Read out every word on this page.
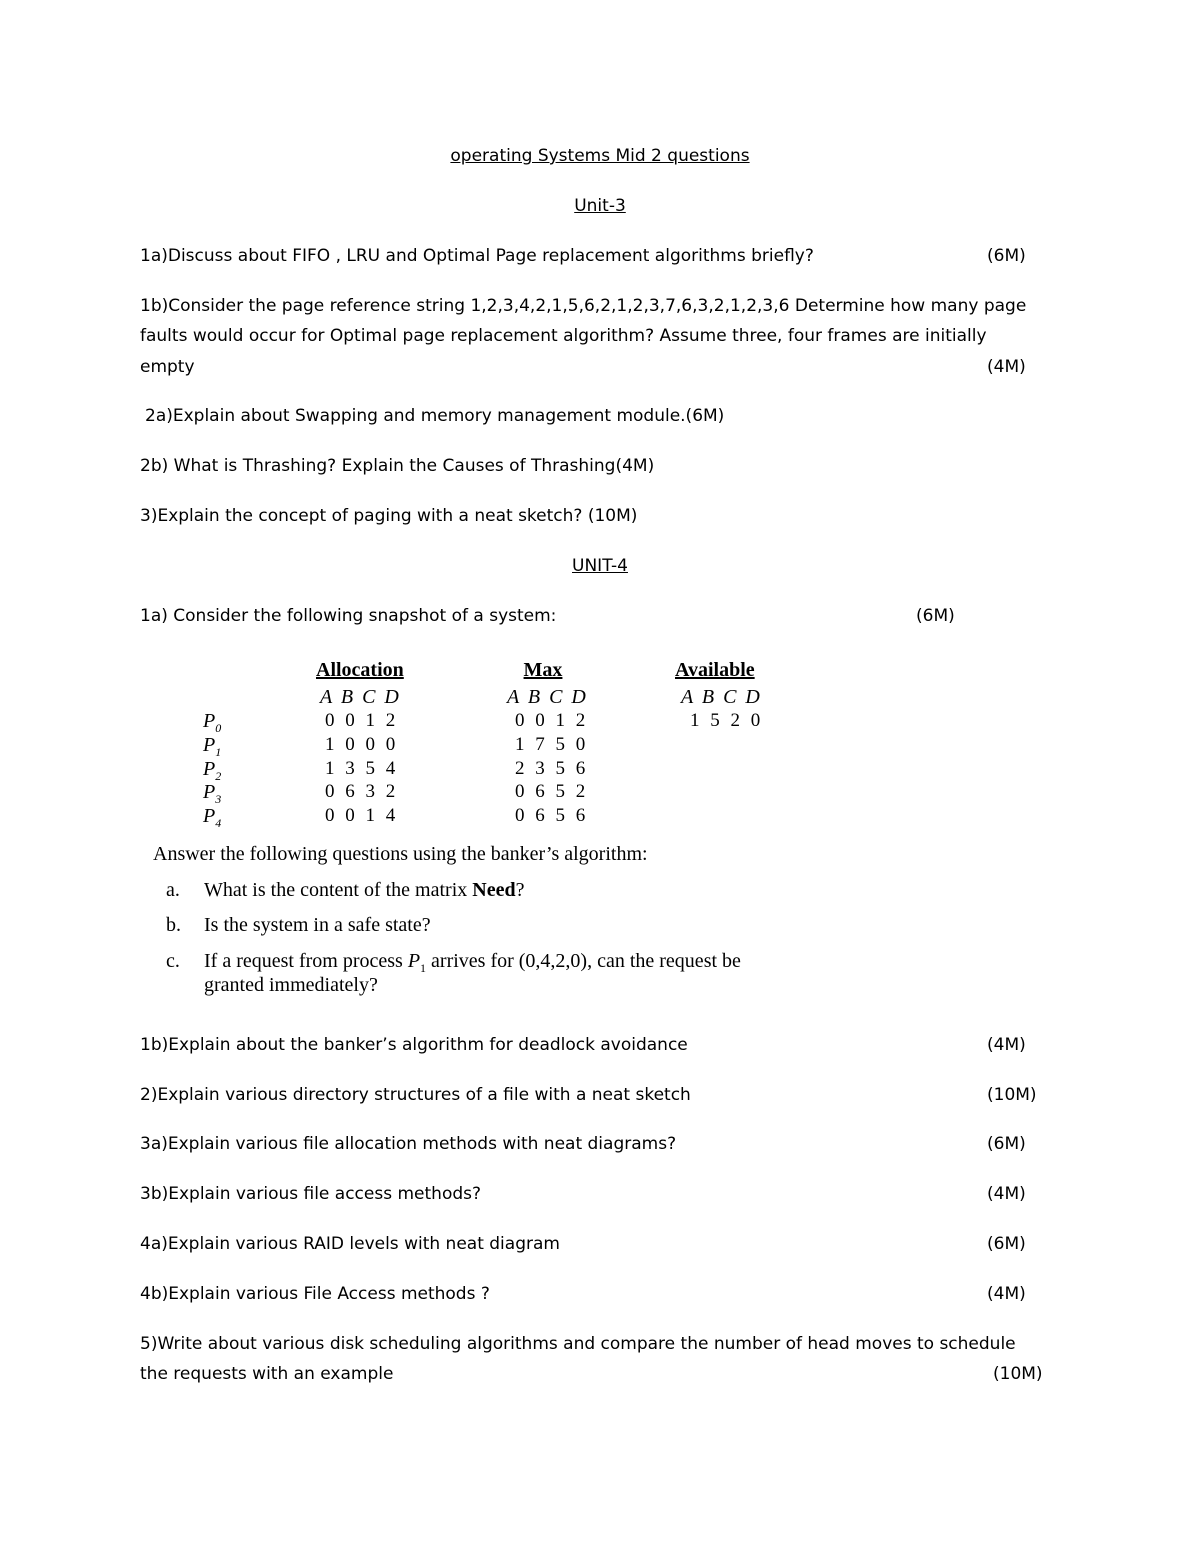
operating Systems Mid 2 questions
Unit-3
1a)Discuss about FIFO , LRU and Optimal Page replacement algorithms briefly?	(6M)
1b)Consider the page reference string 1,2,3,4,2,1,5,6,2,1,2,3,7,6,3,2,1,2,3,6 Determine how many page
faults would occur for Optimal page replacement algorithm? Assume three, four frames are initially
empty	(4M)
2a)Explain about Swapping and memory management module.(6M)
2b) What is Thrashing? Explain the Causes of Thrashing(4M)
3)Explain the concept of paging with a neat sketch? (10M)
UNIT-4
1a) Consider the following snapshot of a system:	(6M)
Allocation	Max	Available
A B C D	A B C D	A B C D
$P_0$	0 0 1 2	0 0 1 2	1 5 2 0
$P_1$	1 0 0 0	1 7 5 0
$P_2$	1 3 5 4	2 3 5 6
$P_3$	0 6 3 2	0 6 5 2
$P_4$	0 0 1 4	0 6 5 6
Answer the following questions using the banker’s algorithm:
a. What is the content of the matrix Need?
b. Is the system in a safe state?
c. If a request from process $P_1$ arrives for (0,4,2,0), can the request be
granted immediately?
1b)Explain about the banker’s algorithm for deadlock avoidance	(4M)
2)Explain various directory structures of a file with a neat sketch	(10M)
3a)Explain various file allocation methods with neat diagrams?	(6M)
3b)Explain various file access methods?	(4M)
4a)Explain various RAID levels with neat diagram	(6M)
4b)Explain various File Access methods ?	(4M)
5)Write about various disk scheduling algorithms and compare the number of head moves to schedule
the requests with an example	(10M)
